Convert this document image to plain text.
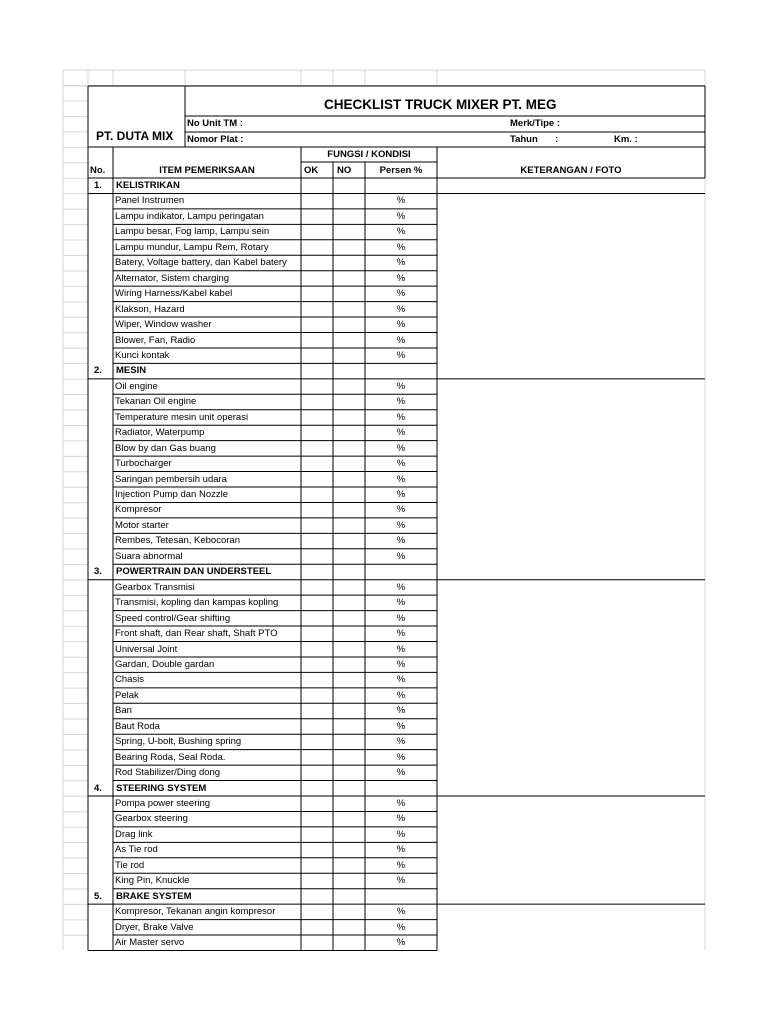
CHECKLIST TRUCK MIXER PT. MEG
PT. DUTA MIX
No Unit TM :
Nomor Plat :
Merk/Tipe :
Tahun :	Km. :
FUNGSI / KONDISI
No.	ITEM PEMERIKSAAN	OK NO	Persen %	KETERANGAN / FOTO
1. KELISTRIKAN
Panel Instrumen	%
Lampu indikator, Lampu peringatan	%
Lampu besar, Fog lamp, Lampu sein	%
Lampu mundur, Lampu Rem, Rotary	%
Batery, Voltage battery, dan Kabel batery	%
Alternator, Sistem charging	%
Wiring Harness/Kabel kabel	%
Klakson, Hazard	%
Wiper, Window washer	%
Blower, Fan, Radio	%
Kunci kontak	%
2. MESIN
Oil engine	%
Tekanan Oil engine	%
Temperature mesin unit operasi	%
Radiator, Waterpump	%
Blow by dan Gas buang	%
Turbocharger	%
Saringan pembersih udara	%
Injection Pump dan Nozzle	%
Kompresor	%
Motor starter	%
Rembes, Tetesan, Kebocoran	%
Suara abnormal	%
3. POWERTRAIN DAN UNDERSTEEL
Gearbox Transmisi	%
Transmisi, kopling dan kampas kopling	%
Speed control/Gear shifting	%
Front shaft, dan Rear shaft, Shaft PTO	%
Universal Joint	%
Gardan, Double gardan	%
Chasis	%
Pelak	%
Ban	%
Baut Roda	%
Spring, U-bolt, Bushing spring	%
Bearing Roda, Seal Roda.	%
Rod Stabilizer/Ding dong	%
4. STEERING SYSTEM
Pompa power steering	%
Gearbox steering	%
Drag link	%
As Tie rod	%
Tie rod	%
King Pin, Knuckle	%
5. BRAKE SYSTEM
Kompresor, Tekanan angin kompresor	%
Dryer, Brake Valve	%
Air Master servo	%
